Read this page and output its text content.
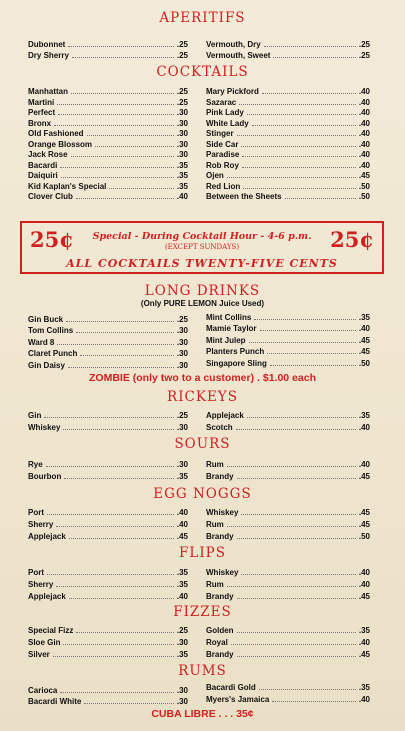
APERITIFS
Dubonnet	.25
Dry Sherry	.25
Vermouth, Dry	.25
Vermouth, Sweet	.25
COCKTAILS
Manhattan	.25
Martini	.25
Perfect	.30
Bronx	.30
Old Fashioned	.30
Orange Blossom	.30
Jack Rose	.30
Bacardi	.35
Daiquiri	.35
Kid Kaplan's Special	.35
Clover Club	.40
Mary Pickford	.40
Sazarac	.40
Pink Lady	.40
White Lady	.40
Stinger	.40
Side Car	.40
Paradise	.40
Rob Roy	.40
Ojen	.45
Red Lion	.50
Between the Sheets	.50
25¢	25¢
Special - During Cocktail Hour - 4-6 p.m.
(EXCEPT SUNDAYS)
ALL COCKTAILS TWENTY-FIVE CENTS
LONG DRINKS
(Only PURE LEMON Juice Used)
Gin Buck	.25
Tom Collins	.30
Ward 8	.30
Claret Punch	.30
Gin Daisy	.30
Mint Collins	.35
Mamie Taylor	.40
Mint Julep	.45
Planters Punch	.45
Singapore Sling	.50
ZOMBIE (only two to a customer) . $1.00 each
RICKEYS
Gin	.25
Whiskey	.30
Applejack	.35
Scotch	.40
SOURS
Rye	.30
Bourbon	.35
Rum	.40
Brandy	.45
EGG NOGGS
Port	.40
Sherry	.40
Applejack	.45
Whiskey	.45
Rum	.45
Brandy	.50
FLIPS
Port	.35
Sherry	.35
Applejack	.40
Whiskey	.40
Rum	.40
Brandy	.45
FIZZES
Special Fizz	.25
Sloe Gin	.30
Silver	.35
Golden	.35
Royal	.40
Brandy	.45
RUMS
Carioca	.30
Bacardi White	.30
Bacardi Gold	.35
Myers's Jamaica	.40
CUBA LIBRE . . . 35¢
